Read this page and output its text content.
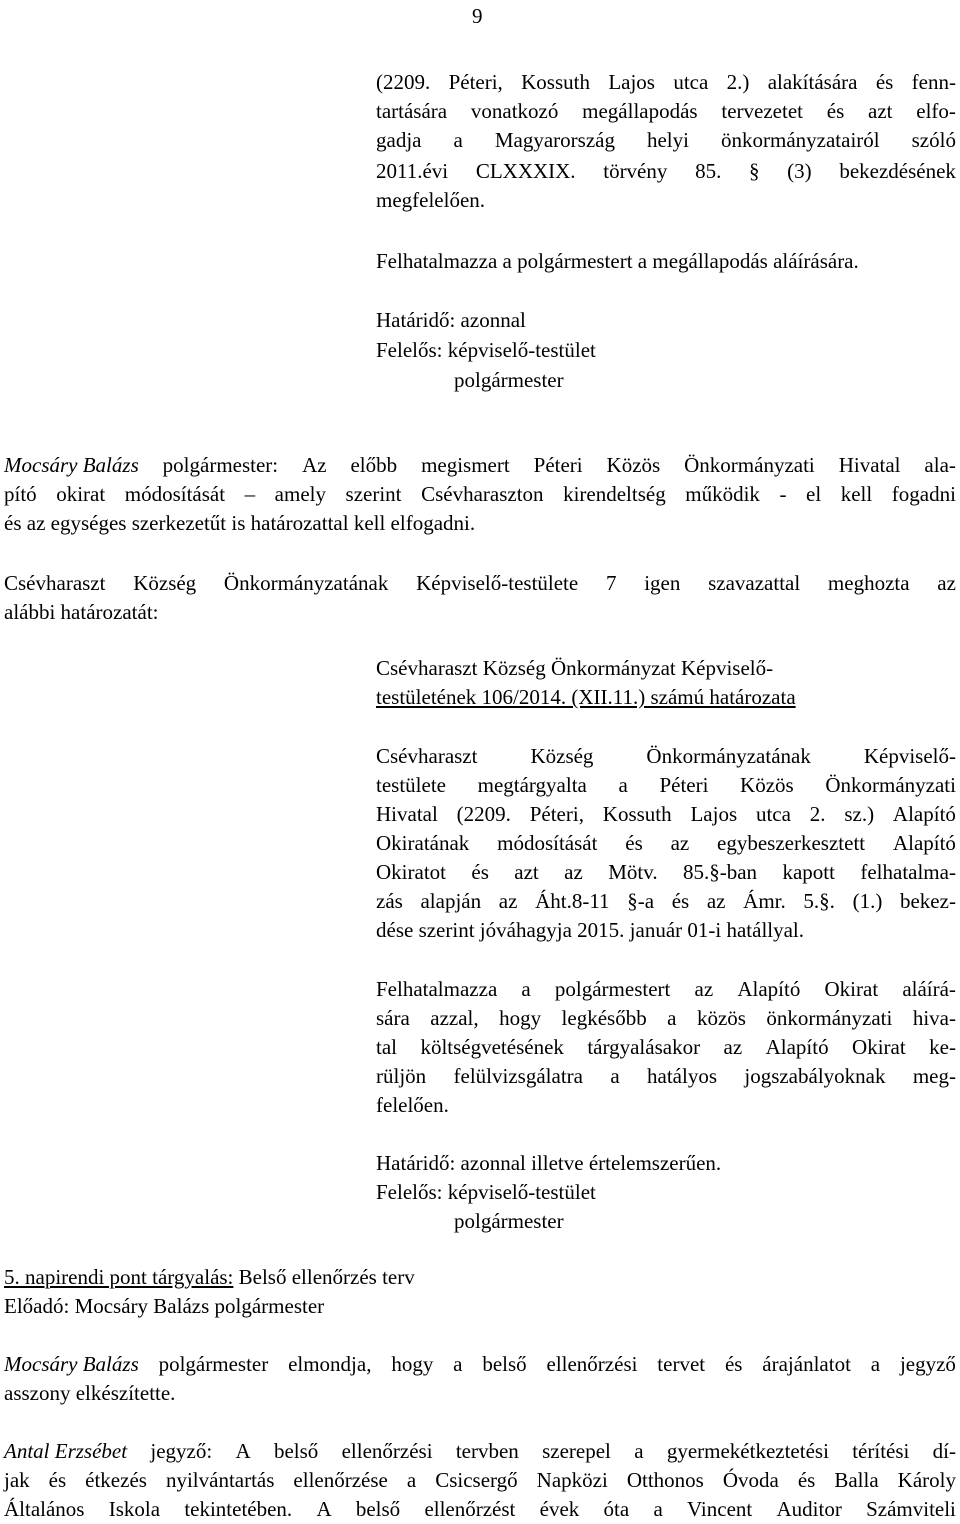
9
(2209. Péteri, Kossuth Lajos utca 2.) alakítására és fenn-
tartására vonatkozó megállapodás tervezetet és azt elfo-
gadja a Magyarország helyi önkormányzatairól szóló
2011.évi CLXXXIX. törvény 85. § (3) bekezdésének
megfelelően.
Felhatalmazza a polgármestert a megállapodás aláírására.
Határidő: azonnal
Felelős: képviselő-testület
polgármester
Mocsáry Balázs polgármester: Az előbb megismert Péteri Közös Önkormányzati Hivatal ala-
pító okirat módosítását – amely szerint Csévharaszton kirendeltség működik - el kell fogadni
és az egységes szerkezetűt is határozattal kell elfogadni.
Csévharaszt Község Önkormányzatának Képviselő-testülete 7 igen szavazattal meghozta az
alábbi határozatát:
Csévharaszt Község Önkormányzat Képviselő-
testületének 106/2014. (XII.11.) számú határozata
Csévharaszt	Község	Önkormányzatának	Képviselő-
testülete megtárgyalta a Péteri Közös Önkormányzati
Hivatal (2209. Péteri, Kossuth Lajos utca 2. sz.) Alapító
Okiratának módosítását és az egybeszerkesztett Alapító
Okiratot és azt az Mötv. 85.§-ban kapott felhatalma-
zás alapján az Áht.8-11 §-a és az Ámr. 5.§. (1.) bekez-
dése szerint jóváhagyja 2015. január 01-i hatállyal.
Felhatalmazza a polgármestert az Alapító Okirat aláírá-
sára azzal, hogy legkésőbb a közös önkormányzati hiva-
tal költségvetésének tárgyalásakor az Alapító Okirat ke-
rüljön felülvizsgálatra a hatályos jogszabályoknak meg-
felelően.
Határidő: azonnal illetve értelemszerűen.
Felelős: képviselő-testület
polgármester
5. napirendi pont tárgyalás: Belső ellenőrzés terv
Előadó: Mocsáry Balázs polgármester
Mocsáry Balázs polgármester elmondja, hogy a belső ellenőrzési tervet és árajánlatot a jegyző
asszony elkészítette.
Antal Erzsébet jegyző: A belső ellenőrzési tervben szerepel a gyermekétkeztetési térítési dí-
jak és étkezés nyilvántartás ellenőrzése a Csicsergő Napközi Otthonos Óvoda és Balla Károly
Általános Iskola tekintetében. A belső ellenőrzést évek óta a Vincent Auditor Számviteli
